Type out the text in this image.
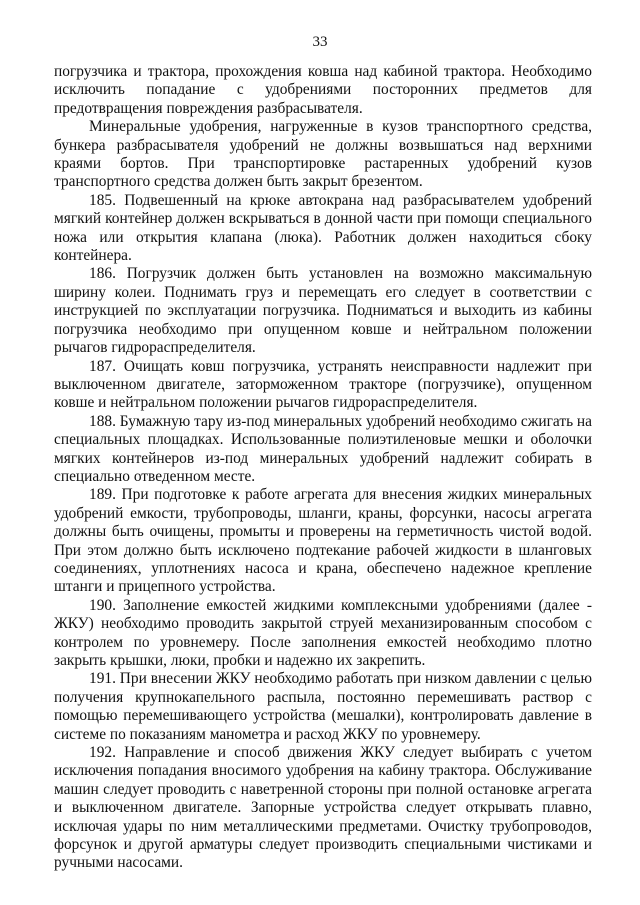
33

погрузчика и трактора, прохождения ковша над кабиной трактора. Необходимо исключить попадание с удобрениями посторонних предметов для предотвращения повреждения разбрасывателя.

Минеральные удобрения, нагруженные в кузов транспортного средства, бункера разбрасывателя удобрений не должны возвышаться над верхними краями бортов. При транспортировке растаренных удобрений кузов транспортного средства должен быть закрыт брезентом.

185. Подвешенный на крюке автокрана над разбрасывателем удобрений мягкий контейнер должен вскрываться в донной части при помощи специального ножа или открытия клапана (люка). Работник должен находиться сбоку контейнера.

186. Погрузчик должен быть установлен на возможно максимальную ширину колеи. Поднимать груз и перемещать его следует в соответствии с инструкцией по эксплуатации погрузчика. Подниматься и выходить из кабины погрузчика необходимо при опущенном ковше и нейтральном положении рычагов гидрораспределителя.

187. Очищать ковш погрузчика, устранять неисправности надлежит при выключенном двигателе, заторможенном тракторе (погрузчике), опущенном ковше и нейтральном положении рычагов гидрораспределителя.

188. Бумажную тару из-под минеральных удобрений необходимо сжигать на специальных площадках. Использованные полиэтиленовые мешки и оболочки мягких контейнеров из-под минеральных удобрений надлежит собирать в специально отведенном месте.

189. При подготовке к работе агрегата для внесения жидких минеральных удобрений емкости, трубопроводы, шланги, краны, форсунки, насосы агрегата должны быть очищены, промыты и проверены на герметичность чистой водой. При этом должно быть исключено подтекание рабочей жидкости в шланговых соединениях, уплотнениях насоса и крана, обеспечено надежное крепление штанги и прицепного устройства.

190. Заполнение емкостей жидкими комплексными удобрениями (далее - ЖКУ) необходимо проводить закрытой струей механизированным способом с контролем по уровнемеру. После заполнения емкостей необходимо плотно закрыть крышки, люки, пробки и надежно их закрепить.

191. При внесении ЖКУ необходимо работать при низком давлении с целью получения крупнокапельного распыла, постоянно перемешивать раствор с помощью перемешивающего устройства (мешалки), контролировать давление в системе по показаниям манометра и расход ЖКУ по уровнемеру.

192. Направление и способ движения ЖКУ следует выбирать с учетом исключения попадания вносимого удобрения на кабину трактора. Обслуживание машин следует проводить с наветренной стороны при полной остановке агрегата и выключенном двигателе. Запорные устройства следует открывать плавно, исключая удары по ним металлическими предметами. Очистку трубопроводов, форсунок и другой арматуры следует производить специальными чистиками и ручными насосами.
